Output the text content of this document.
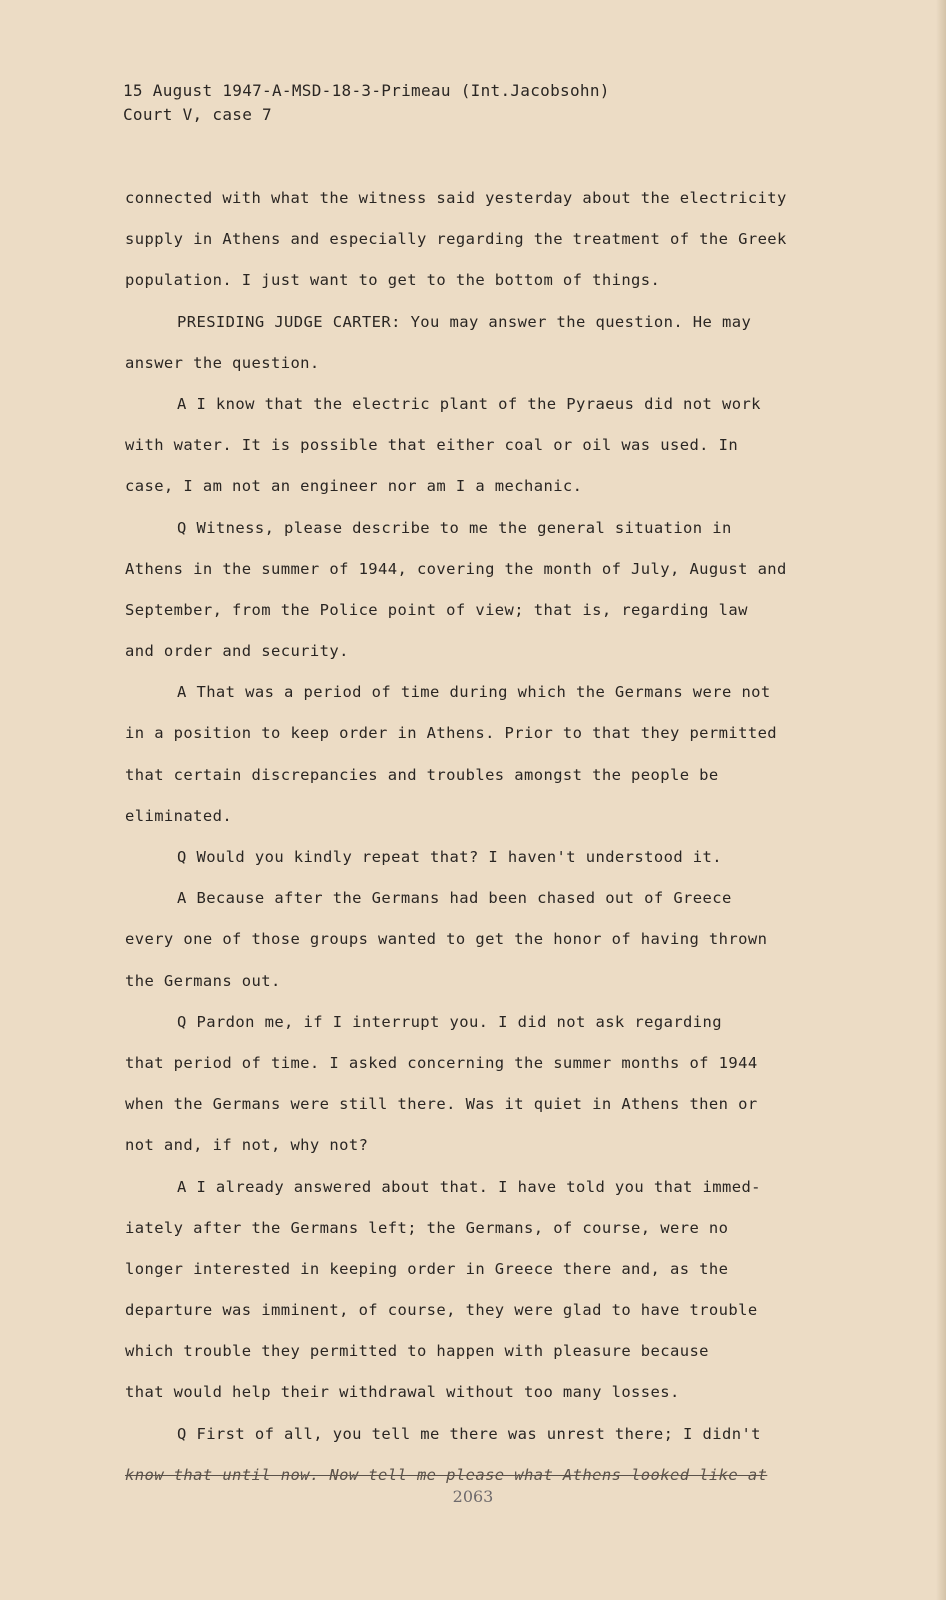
15 August 1947-A-MSD-18-3-Primeau (Int.Jacobsohn)
Court V, case 7
connected with what the witness said yesterday about the electricity
supply in Athens and especially regarding the treatment of the Greek
population. I just want to get to the bottom of things.
PRESIDING JUDGE CARTER: You may answer the question. He may
answer the question.
A I know that the electric plant of the Pyraeus did not work
with water. It is possible that either coal or oil was used. In
case, I am not an engineer nor am I a mechanic.
Q Witness, please describe to me the general situation in
Athens in the summer of 1944, covering the month of July, August and
September, from the Police point of view; that is, regarding law
and order and security.
A That was a period of time during which the Germans were not
in a position to keep order in Athens. Prior to that they permitted
that certain discrepancies and troubles amongst the people be
eliminated.
Q Would you kindly repeat that? I haven't understood it.
A Because after the Germans had been chased out of Greece
every one of those groups wanted to get the honor of having thrown
the Germans out.
Q Pardon me, if I interrupt you. I did not ask regarding
that period of time. I asked concerning the summer months of 1944
when the Germans were still there. Was it quiet in Athens then or
not and, if not, why not?
A I already answered about that. I have told you that immed-
iately after the Germans left; the Germans, of course, were no
longer interested in keeping order in Greece there and, as the
departure was imminent, of course, they were glad to have trouble
which trouble they permitted to happen with pleasure because
that would help their withdrawal without too many losses.
Q First of all, you tell me there was unrest there; I didn't
know that until now. Now tell me please what Athens looked like at
2063
